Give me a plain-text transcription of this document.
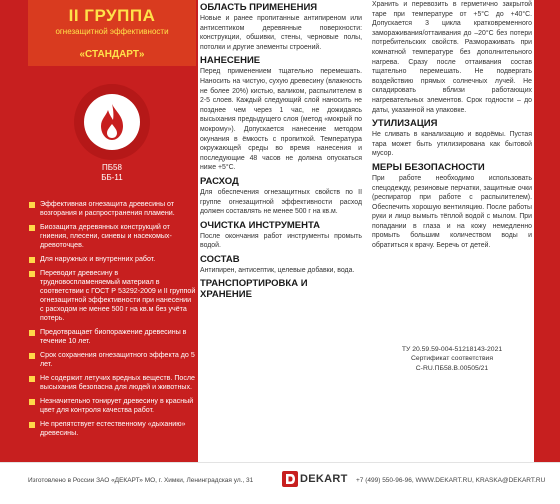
II ГРУППА
огнезащитной эффективности
«СТАНДАРТ»
ПБ58
ББ-11
Эффективная огнезащита древесины от возгорания и распространения пламени.
Биозащита деревянных конструкций от гниения, плесени, синевы и насекомых-древоточцев.
Для наружных и внутренних работ.
Переводит древесину в трудновоспламеняемый материал в соответствии с ГОСТ Р 53292-2009 и II группой огнезащитной эффективности при нанесении с расходом не менее 500 г на кв.м без учёта потерь.
Предотвращает биопоражение древесины в течение 10 лет.
Срок сохранения огнезащитного эффекта до 5 лет.
Не содержит летучих вредных веществ. После высыхания безопасна для людей и животных.
Незначительно тонирует древесину в красный цвет для контроля качества работ.
Не препятствует естественному «дыханию» древесины.
ОБЛАСТЬ ПРИМЕНЕНИЯ
Новые и ранее пропитанные антипиреном или антисептиком деревянные поверхности: конструкции, обшивки, стены, черновые полы, потолки и другие элементы строений.
НАНЕСЕНИЕ
Перед применением тщательно перемешать. Наносить на чистую, сухую древесину (влажность не более 20%) кистью, валиком, распылителем в 2-5 слоев. Каждый следующий слой наносить не позднее чем через 1 час, не дожидаясь высыхания предыдущего слоя (метод «мокрый по мокрому»). Допускается нанесение методом окунания в ёмкость с пропиткой. Температура окружающей среды во время нанесения и последующие 48 часов не должна опускаться ниже +5°С.
РАСХОД
Для обеспечения огнезащитных свойств по II группе огнезащитной эффективности расход должен составлять не менее 500 г на кв.м.
ОЧИСТКА ИНСТРУМЕНТА
После окончания работ инструменты промыть водой.
СОСТАВ
Антипирен, антисептик, целевые добавки, вода.
ТРАНСПОРТИРОВКА И ХРАНЕНИЕ
Хранить и перевозить в герметично закрытой таре при температуре от +5°С до +40°С. Допускается 3 цикла кратковременного замораживания/оттаивания до –20°С без потери потребительских свойств. Размораживать при комнатной температуре без дополнительного нагрева. Сразу после оттаивания состав тщательно перемешать. Не подвергать воздействию прямых солнечных лучей. Не складировать вблизи работающих нагревательных элементов. Срок годности – до даты, указанной на упаковке.
УТИЛИЗАЦИЯ
Не сливать в канализацию и водоёмы. Пустая тара может быть утилизирована как бытовой мусор.
МЕРЫ БЕЗОПАСНОСТИ
При работе необходимо использовать спецодежду, резиновые перчатки, защитные очки (респиратор при работе с распылителем). Обеспечить хорошую вентиляцию. После работы руки и лицо вымыть тёплой водой с мылом. При попадании в глаза и на кожу немедленно промыть большим количеством воды и обратиться к врачу. Беречь от детей.
ТУ 20.59.59-004-51218143-2021
Сертификат соответствия
С-RU.ПБ58.В.00505/21
Изготовлено в России ЗАО «ДЕКАРТ» МО, г. Химки, Ленинградская ул., 31	DEKART +7 (499) 550-96-96, WWW.DEKART.RU, KRASKA@DEKART.RU
